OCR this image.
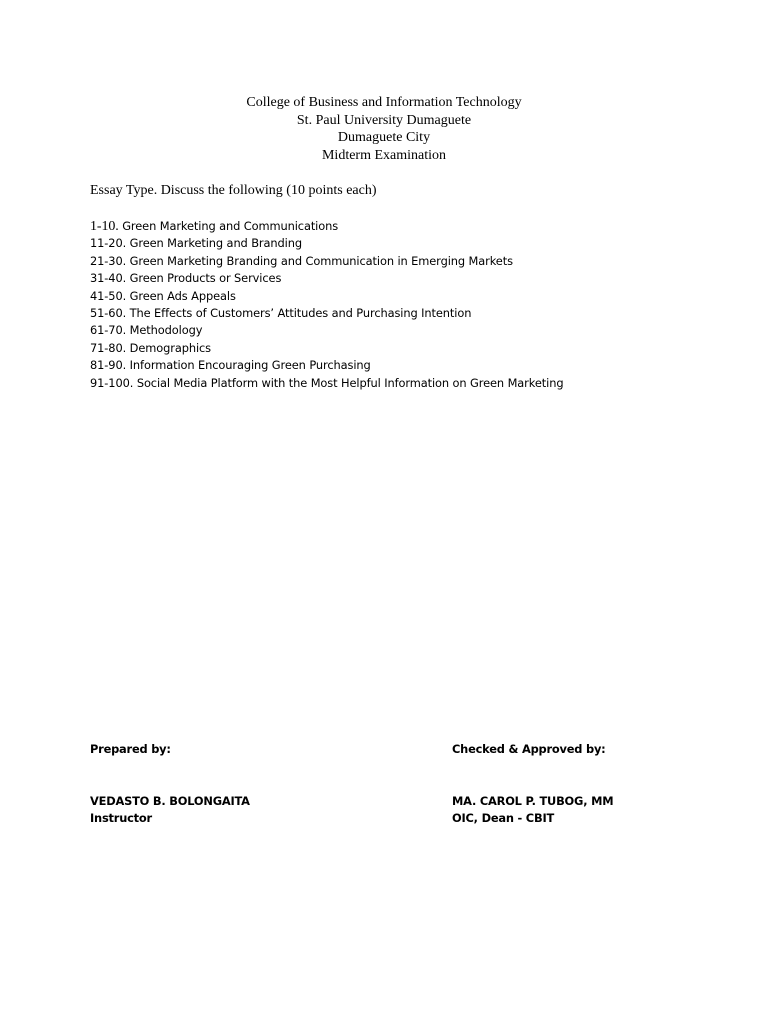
College of Business and Information Technology
St. Paul University Dumaguete
Dumaguete City
Midterm Examination
Essay Type. Discuss the following (10 points each)
1-10. Green Marketing and Communications
11-20. Green Marketing and Branding
21-30. Green Marketing Branding and Communication in Emerging Markets
31-40. Green Products or Services
41-50. Green Ads Appeals
51-60. The Effects of Customers’ Attitudes and Purchasing Intention
61-70. Methodology
71-80. Demographics
81-90. Information Encouraging Green Purchasing
91-100. Social Media Platform with the Most Helpful Information on Green Marketing
Prepared by:
VEDASTO B. BOLONGAITA
Instructor
Checked & Approved by:
MA. CAROL P. TUBOG, MM
OIC, Dean - CBIT
